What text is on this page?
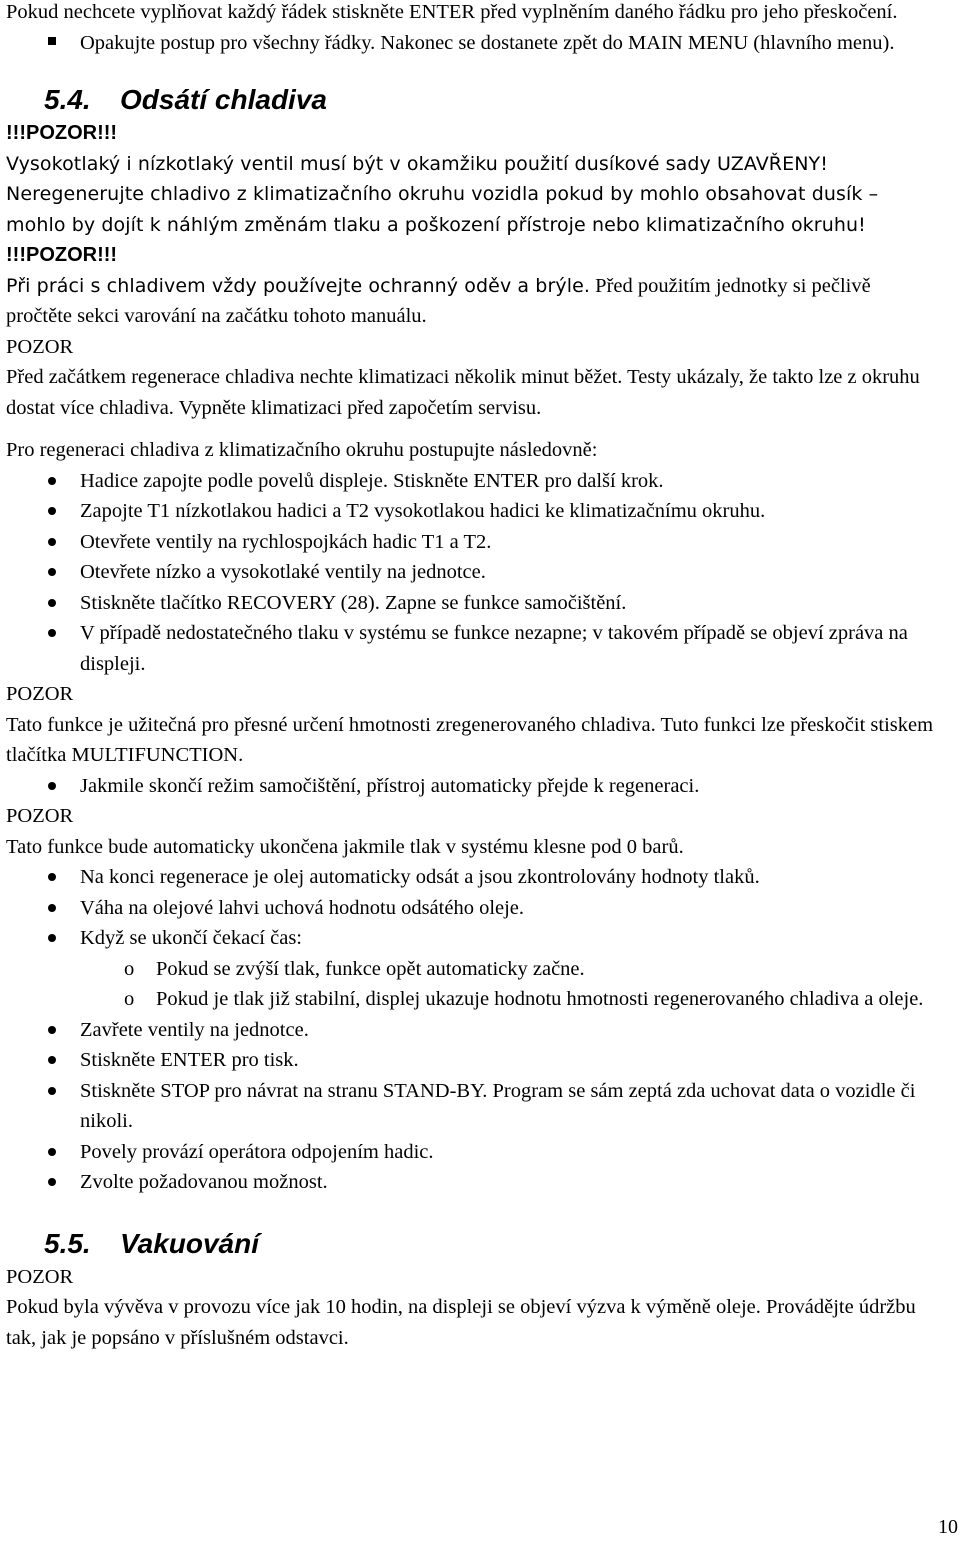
Pokud nechcete vyplňovat každý řádek stiskněte ENTER před vyplněním daného řádku pro jeho přeskočení.

Opakujte postup pro všechny řádky. Nakonec se dostanete zpět do MAIN MENU (hlavního menu).
5.4. Odsátí chladiva
!!!POZOR!!!

Vysokotlaký i nízkotlaký ventil musí být v okamžiku použití dusíkové sady UZAVŘENY! Neregenerujte chladivo z klimatizačního okruhu vozidla pokud by mohlo obsahovat dusík – mohlo by dojít k náhlým změnám tlaku a poškození přístroje nebo klimatizačního okruhu!

!!!POZOR!!!

Při práci s chladivem vždy používejte ochranný oděv a brýle. Před použitím jednotky si pečlivě pročtěte sekci varování na začátku tohoto manuálu.

POZOR

Před začátkem regenerace chladiva nechte klimatizaci několik minut běžet. Testy ukázaly, že takto lze z okruhu dostat více chladiva. Vypněte klimatizaci před započetím servisu.

Pro regeneraci chladiva z klimatizačního okruhu postupujte následovně:

Hadice zapojte podle povelů displeje. Stiskněte ENTER pro další krok.
Zapojte T1 nízkotlakou hadici a T2 vysokotlakou hadici ke klimatizačnímu okruhu.
Otevřete ventily na rychlospojkách hadic T1 a T2.
Otevřete nízko a vysokotlaké ventily na jednotce.
Stiskněte tlačítko RECOVERY (28). Zapne se funkce samočištění.
V případě nedostatečného tlaku v systému se funkce nezapne; v takovém případě se objeví zpráva na displeji.
POZOR

Tato funkce je užitečná pro přesné určení hmotnosti zregenerovaného chladiva. Tuto funkci lze přeskočit stiskem tlačítka MULTIFUNCTION.

Jakmile skončí režim samočištění, přístroj automaticky přejde k regeneraci.
POZOR

Tato funkce bude automaticky ukončena jakmile tlak v systému klesne pod 0 barů.

Na konci regenerace je olej automaticky odsát a jsou zkontrolovány hodnoty tlaků.
Váha na olejové lahvi uchová hodnotu odsátého oleje.
Když se ukončí čekací čas:
o Pokud se zvýší tlak, funkce opět automaticky začne.
o Pokud je tlak již stabilní, displej ukazuje hodnotu hmotnosti regenerovaného chladiva a oleje.
Zavřete ventily na jednotce.
Stiskněte ENTER pro tisk.
Stiskněte STOP pro návrat na stranu STAND-BY. Program se sám zeptá zda uchovat data o vozidle či nikoli.
Povely provází operátora odpojením hadic.
Zvolte požadovanou možnost.
5.5. Vakuování
POZOR

Pokud byla vývěva v provozu více jak 10 hodin, na displeji se objeví výzva k výměně oleje. Provádějte údržbu tak, jak je popsáno v příslušném odstavci.

10
